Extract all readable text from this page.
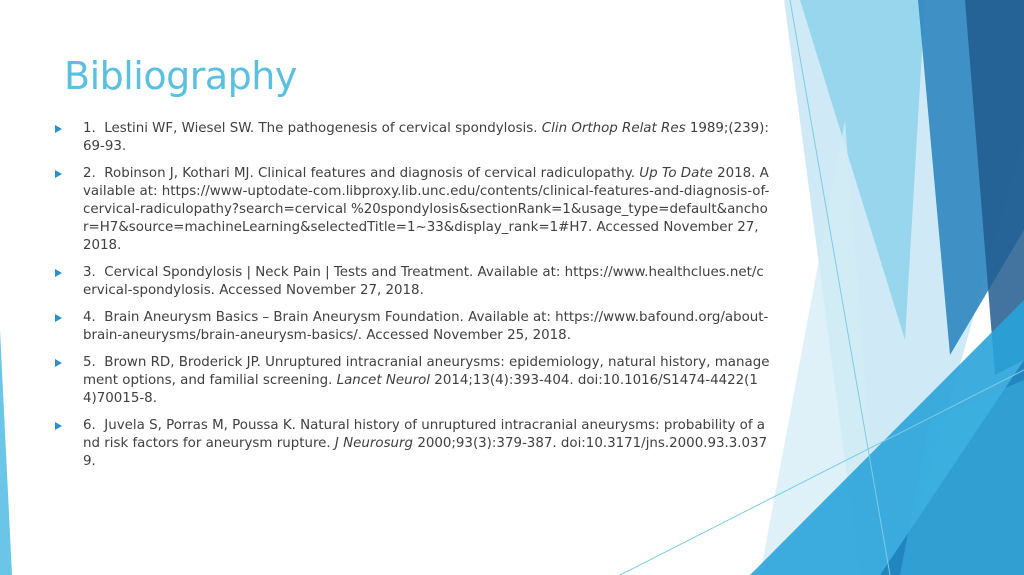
Bibliography
1. Lestini WF, Wiesel SW. The pathogenesis of cervical spondylosis. Clin Orthop Relat Res 1989;(239):69-93.
2. Robinson J, Kothari MJ. Clinical features and diagnosis of cervical radiculopathy. Up To Date 2018. Available at: https://www-uptodate-com.libproxy.lib.unc.edu/contents/clinical-features-and-diagnosis-of-cervical-radiculopathy?search=cervical %20spondylosis&sectionRank=1&usage_type=default&anchor=H7&source=machineLearning&selectedTitle=1~33&display_rank=1#H7. Accessed November 27, 2018.
3. Cervical Spondylosis | Neck Pain | Tests and Treatment. Available at: https://www.healthclues.net/cervical-spondylosis. Accessed November 27, 2018.
4. Brain Aneurysm Basics – Brain Aneurysm Foundation. Available at: https://www.bafound.org/about-brain-aneurysms/brain-aneurysm-basics/. Accessed November 25, 2018.
5. Brown RD, Broderick JP. Unruptured intracranial aneurysms: epidemiology, natural history, management options, and familial screening. Lancet Neurol 2014;13(4):393-404. doi:10.1016/S1474-4422(14)70015-8.
6. Juvela S, Porras M, Poussa K. Natural history of unruptured intracranial aneurysms: probability of and risk factors for aneurysm rupture. J Neurosurg 2000;93(3):379-387. doi:10.3171/jns.2000.93.3.0379.
